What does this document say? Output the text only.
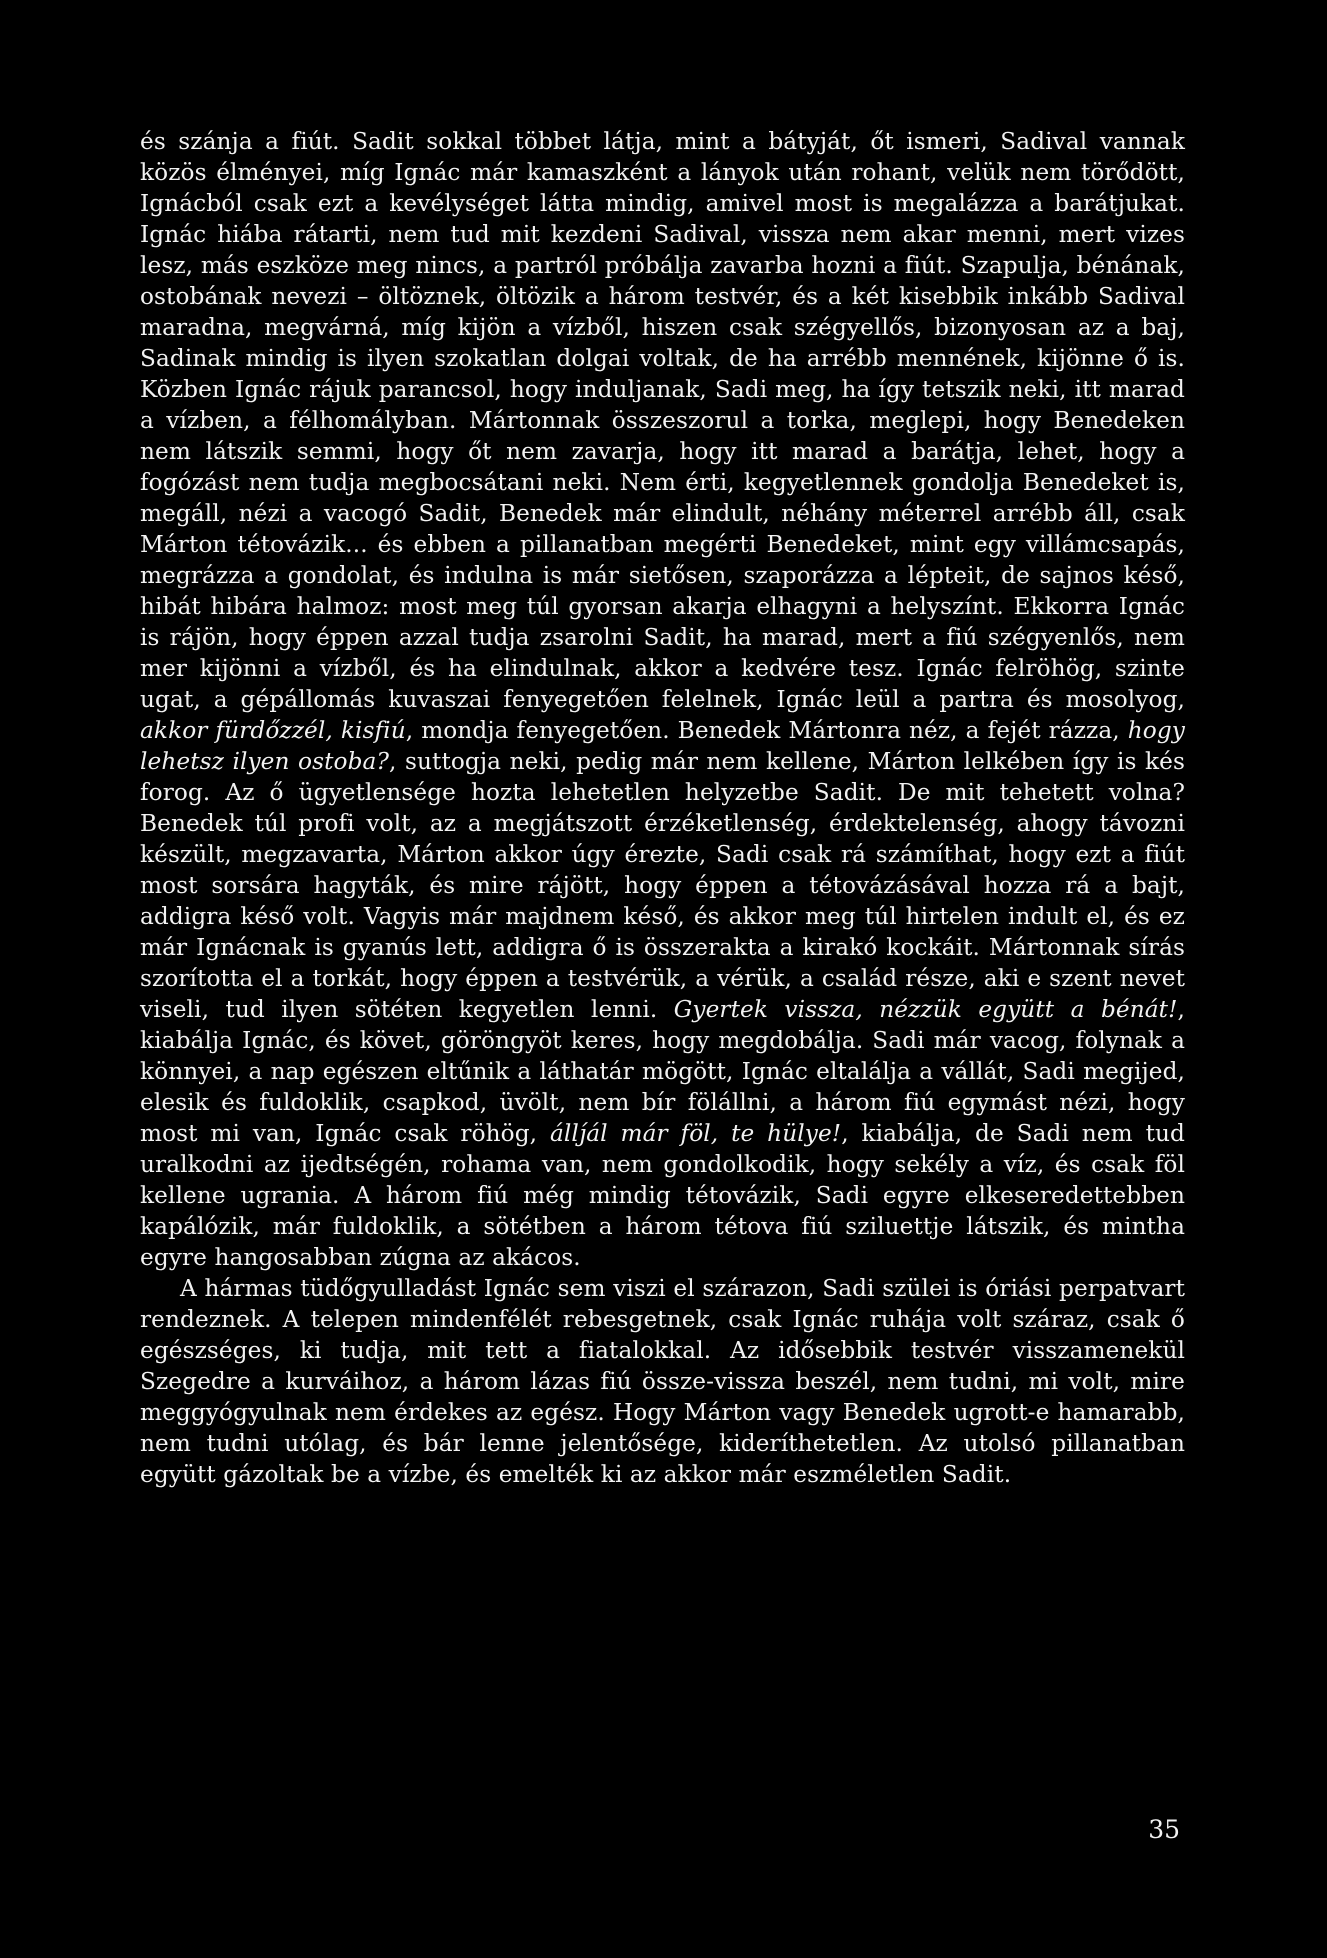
és szánja a fiút. Sadit sokkal többet látja, mint a bátyját, őt ismeri, Sadival vannak közös élményei, míg Ignác már kamaszként a lányok után rohant, velük nem törődött, Ignácból csak ezt a kevélységet látta mindig, amivel most is megalázza a barátjukat. Ignác hiába rátarti, nem tud mit kezdeni Sadival, vissza nem akar menni, mert vizes lesz, más eszköze meg nincs, a partról próbálja zavarba hozni a fiút. Szapulja, bénának, ostobának nevezi – öltöznek, öltözik a három testvér, és a két kisebbik inkább Sadival maradna, megvárná, míg kijön a vízből, hiszen csak szégyellős, bizonyosan az a baj, Sadinak mindig is ilyen szokatlan dolgai voltak, de ha arrébb mennének, kijönne ő is. Közben Ignác rájuk parancsol, hogy induljanak, Sadi meg, ha így tetszik neki, itt marad a vízben, a félhomályban. Mártonnak összeszorul a torka, meglepi, hogy Benedeken nem látszik semmi, hogy őt nem zavarja, hogy itt marad a barátja, lehet, hogy a fogózást nem tudja megbocsátani neki. Nem érti, kegyetlennek gondolja Benedeket is, megáll, nézi a vacogó Sadit, Benedek már elindult, néhány méterrel arrébb áll, csak Márton tétovázik... és ebben a pillanatban megérti Benedeket, mint egy villámcsapás, megrázza a gondolat, és indulna is már sietősen, szaporázza a lépteit, de sajnos késő, hibát hibára halmoz: most meg túl gyorsan akarja elhagyni a helyszínt. Ekkorra Ignác is rájön, hogy éppen azzal tudja zsarolni Sadit, ha marad, mert a fiú szégyenlős, nem mer kijönni a vízből, és ha elindulnak, akkor a kedvére tesz. Ignác felröhög, szinte ugat, a gépállomás kuvaszai fenyegetően felelnek, Ignác leül a partra és mosolyog, akkor fürdőzzél, kisfiú, mondja fenyegetően. Benedek Mártonra néz, a fejét rázza, hogy lehetsz ilyen ostoba?, suttogja neki, pedig már nem kellene, Márton lelkében így is kés forog. Az ő ügyetlensége hozta lehetetlen helyzetbe Sadit. De mit tehetett volna? Benedek túl profi volt, az a megjátszott érzéketlenség, érdektelenség, ahogy távozni készült, megzavarta, Márton akkor úgy érezte, Sadi csak rá számíthat, hogy ezt a fiút most sorsára hagyták, és mire rájött, hogy éppen a tétovázásával hozza rá a bajt, addigra késő volt. Vagyis már majdnem késő, és akkor meg túl hirtelen indult el, és ez már Ignácnak is gyanús lett, addigra ő is összerakta a kirakó kockáit. Mártonnak sírás szorította el a torkát, hogy éppen a testvérük, a vérük, a család része, aki e szent nevet viseli, tud ilyen sötéten kegyetlen lenni. Gyertek vissza, nézzük együtt a bénát!, kiabálja Ignác, és követ, göröngyöt keres, hogy megdobálja. Sadi már vacog, folynak a könnyei, a nap egészen eltűnik a láthatár mögött, Ignác eltalálja a vállát, Sadi megijed, elesik és fuldoklik, csapkod, üvölt, nem bír fölállni, a három fiú egymást nézi, hogy most mi van, Ignác csak röhög, állj́ál már föl, te hülye!, kiabálja, de Sadi nem tud uralkodni az ijedtségén, rohama van, nem gondolkodik, hogy sekély a víz, és csak föl kellene ugrania. A három fiú még mindig tétovázik, Sadi egyre elkeseredettebben kapálózik, már fuldoklik, a sötétben a három tétova fiú sziluettje látszik, és mintha egyre hangosabban zúgna az akácos.

A hármas tüdőgyulladást Ignác sem viszi el szárazon, Sadi szülei is óriási perpatvart rendeznek. A telepen mindenfélét rebesgetnek, csak Ignác ruhája volt száraz, csak ő egészséges, ki tudja, mit tett a fiatalokkal. Az idősebbik testvér visszamenekül Szegedre a kurváihoz, a három lázas fiú össze-vissza beszél, nem tudni, mi volt, mire meggyógyulnak nem érdekes az egész. Hogy Márton vagy Benedek ugrott-e hamarabb, nem tudni utólag, és bár lenne jelentősége, kideríthetetlen. Az utolsó pillanatban együtt gázoltak be a vízbe, és emelték ki az akkor már eszméletlen Sadit.

35
